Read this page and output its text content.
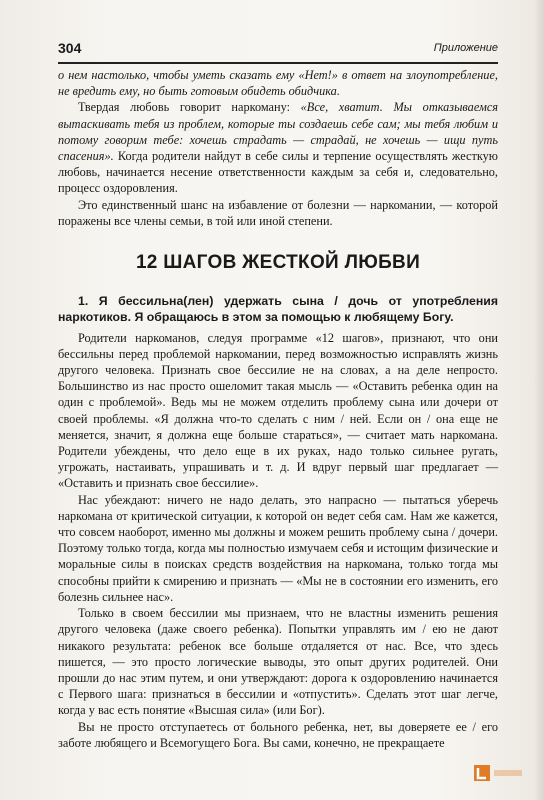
304	Приложение

о нем настолько, чтобы уметь сказать ему «Нет!» в ответ на злоупотребление, не вредить ему, но быть готовым обидеть обидчика.

Твердая любовь говорит наркоману: «Все, хватит. Мы отказываемся вытаскивать тебя из проблем, которые ты создаешь себе сам; мы тебя любим и потому говорим тебе: хочешь страдать — страдай, не хочешь — ищи путь спасения». Когда родители найдут в себе силы и терпение осуществлять жесткую любовь, начинается несение ответственности каждым за себя и, следовательно, процесс оздоровления.

Это единственный шанс на избавление от болезни — наркомании, — которой поражены все члены семьи, в той или иной степени.

12 ШАГОВ ЖЕСТКОЙ ЛЮБВИ
1. Я бессильна(лен) удержать сына / дочь от употребления наркотиков. Я обращаюсь в этом за помощью к любящему Богу.

Родители наркоманов, следуя программе «12 шагов», признают, что они бессильны перед проблемой наркомании, перед возможностью исправлять жизнь другого человека. Признать свое бессилие не на словах, а на деле непросто. Большинство из нас просто ошеломит такая мысль — «Оставить ребенка один на один с проблемой». Ведь мы не можем отделить проблему сына или дочери от своей проблемы. «Я должна что-то сделать с ним / ней. Если он / она еще не меняется, значит, я должна еще больше стараться», — считает мать наркомана. Родители убеждены, что дело еще в их руках, надо только сильнее ругать, угрожать, настаивать, упрашивать и т. д. И вдруг первый шаг предлагает — «Оставить и признать свое бессилие».

Нас убеждают: ничего не надо делать, это напрасно — пытаться уберечь наркомана от критической ситуации, к которой он ведет себя сам. Нам же кажется, что совсем наоборот, именно мы должны и можем решить проблему сына / дочери. Поэтому только тогда, когда мы полностью измучаем себя и истощим физические и моральные силы в поисках средств воздействия на наркомана, только тогда мы способны прийти к смирению и признать — «Мы не в состоянии его изменить, его болезнь сильнее нас».

Только в своем бессилии мы признаем, что не властны изменить решения другого человека (даже своего ребенка). Попытки управлять им / ею не дают никакого результата: ребенок все больше отдаляется от нас. Все, что здесь пишется, — это просто логические выводы, это опыт других родителей. Они прошли до нас этим путем, и они утверждают: дорога к оздоровлению начинается с Первого шага: признаться в бессилии и «отпустить». Сделать этот шаг легче, когда у вас есть понятие «Высшая сила» (или Бог).

Вы не просто отступаетесь от больного ребенка, нет, вы доверяете ее / его заботе любящего и Всемогущего Бога. Вы сами, конечно, не прекращаете
